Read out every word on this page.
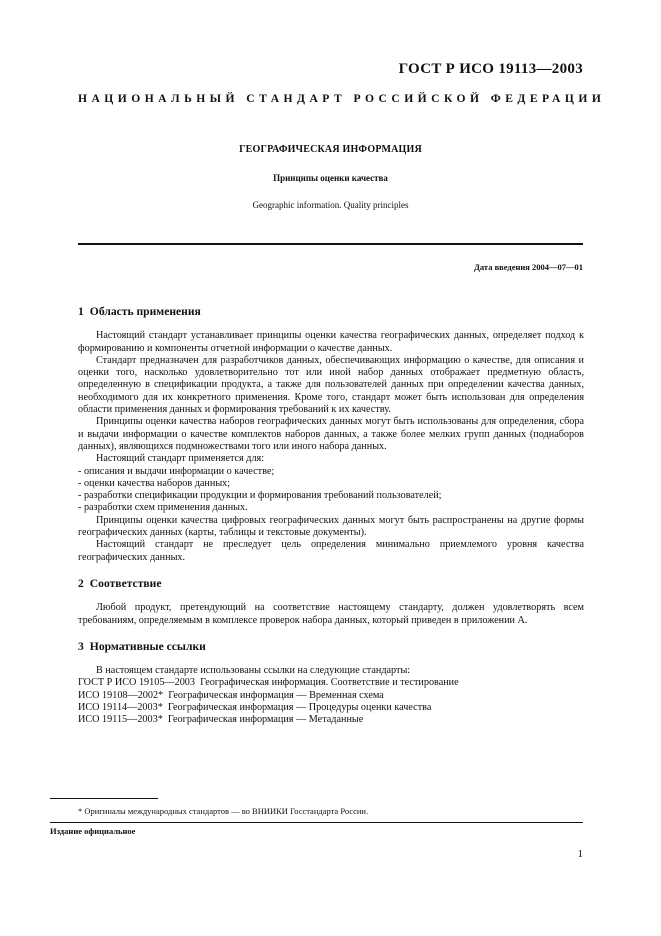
ГОСТ Р ИСО 19113—2003
НАЦИОНАЛЬНЫЙ СТАНДАРТ РОССИЙСКОЙ ФЕДЕРАЦИИ
ГЕОГРАФИЧЕСКАЯ ИНФОРМАЦИЯ
Принципы оценки качества
Geographic information. Quality principles
Дата введения 2004—07—01
1 Область применения

Настоящий стандарт устанавливает принципы оценки качества географических данных, определяет подход к формированию и компоненты отчетной информации о качестве данных.

Стандарт предназначен для разработчиков данных, обеспечивающих информацию о качестве, для описания и оценки того, насколько удовлетворительно тот или иной набор данных отображает предметную область, определенную в спецификации продукта, а также для пользователей данных при определении качества данных, необходимого для их конкретного применения. Кроме того, стандарт может быть использован для определения области применения данных и формирования требований к их качеству.

Принципы оценки качества наборов географических данных могут быть использованы для определения, сбора и выдачи информации о качестве комплектов наборов данных, а также более мелких групп данных (поднаборов данных), являющихся подмножествами того или иного набора данных.

Настоящий стандарт применяется для:

- описания и выдачи информации о качестве;
- оценки качества наборов данных;
- разработки спецификации продукции и формирования требований пользователей;
- разработки схем применения данных.

Принципы оценки качества цифровых географических данных могут быть распространены на другие формы географических данных (карты, таблицы и текстовые документы).

Настоящий стандарт не преследует цель определения минимально приемлемого уровня качества географических данных.

2 Соответствие

Любой продукт, претендующий на соответствие настоящему стандарту, должен удовлетворять всем требованиям, определяемым в комплексе проверок набора данных, который приведен в приложении А.

3 Нормативные ссылки

В настоящем стандарте использованы ссылки на следующие стандарты:

ГОСТ Р ИСО 19105—2003 Географическая информация. Соответствие и тестирование
ИСО 19108—2002* Географическая информация — Временная схема
ИСО 19114—2003* Географическая информация — Процедуры оценки качества
ИСО 19115—2003* Географическая информация — Метаданные
* Оригиналы международных стандартов — во ВНИИКИ Госстандарта России.
Издание официальное
1
